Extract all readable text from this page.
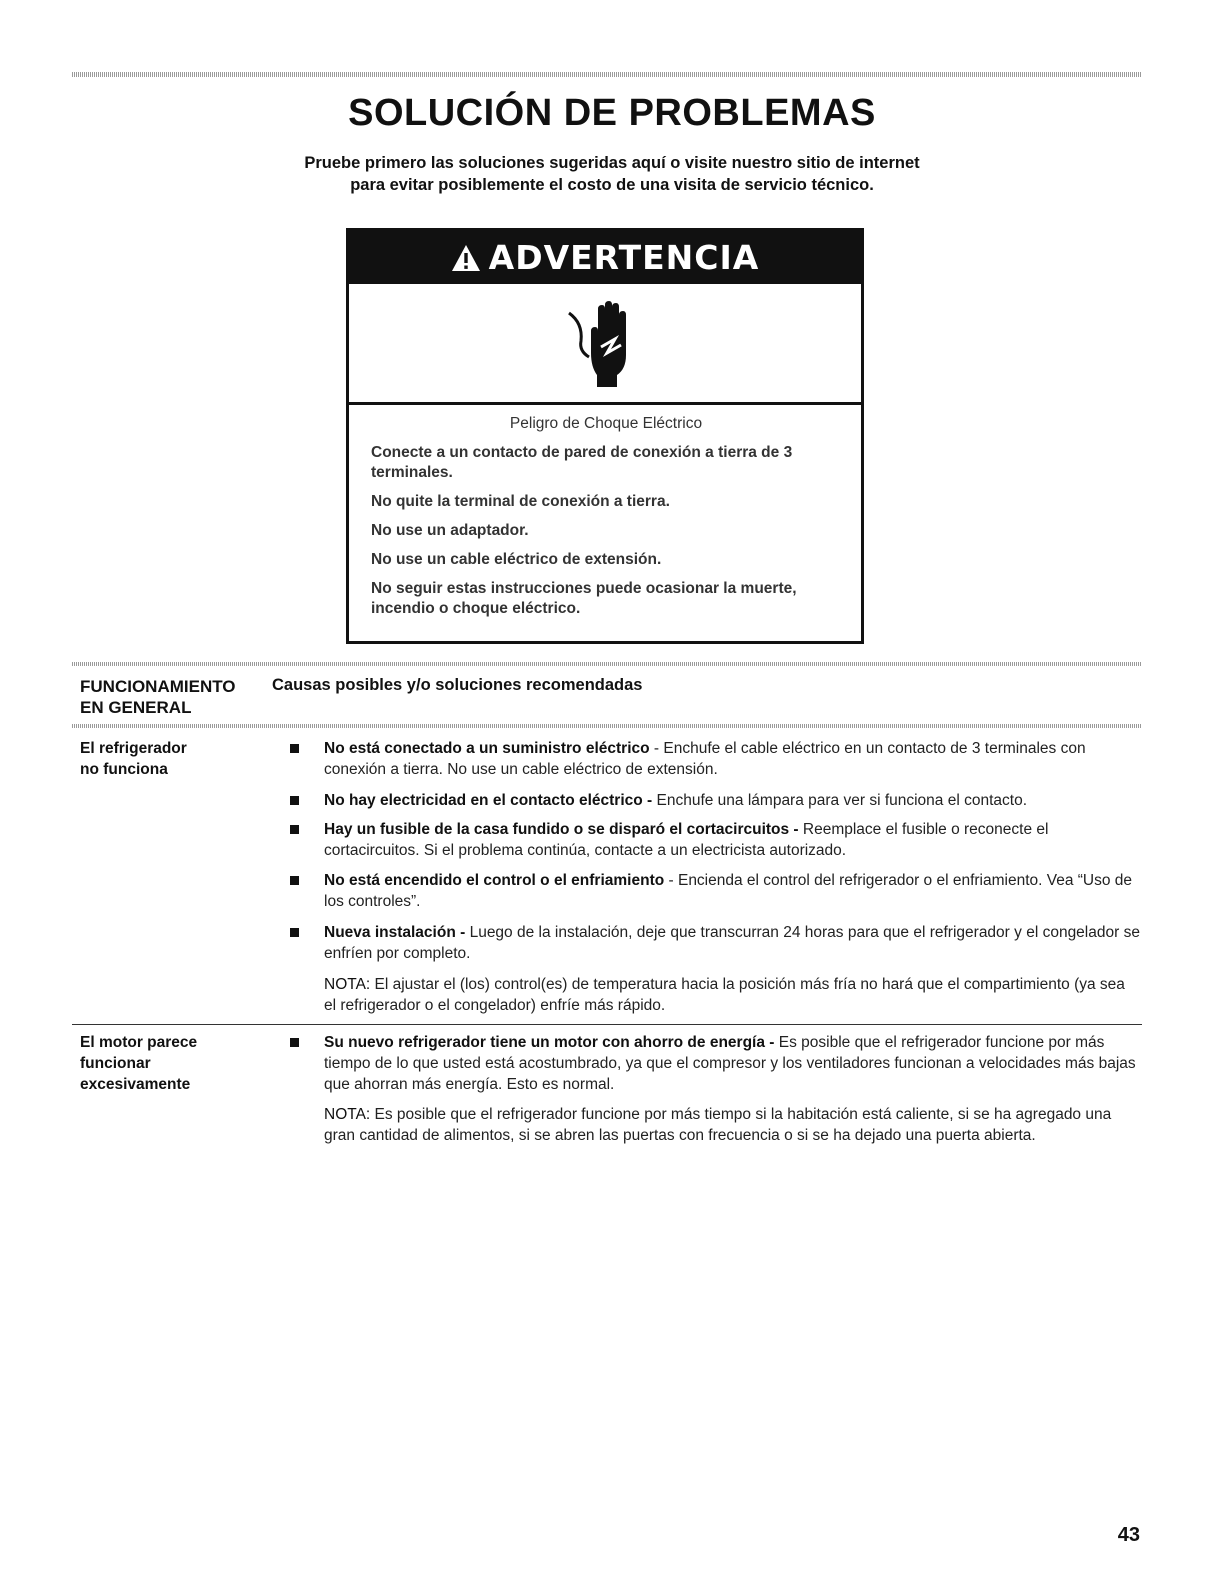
SOLUCIÓN DE PROBLEMAS
Pruebe primero las soluciones sugeridas aquí o visite nuestro sitio de internet
para evitar posiblemente el costo de una visita de servicio técnico.
ADVERTENCIA
Peligro de Choque Eléctrico

Conecte a un contacto de pared de conexión a tierra de 3 terminales.

No quite la terminal de conexión a tierra.

No use un adaptador.

No use un cable eléctrico de extensión.

No seguir estas instrucciones puede ocasionar la muerte, incendio o choque eléctrico.

FUNCIONAMIENTO
EN GENERAL
Causas posibles y/o soluciones recomendadas
El refrigerador
no funciona
No está conectado a un suministro eléctrico - Enchufe el cable eléctrico en un contacto de 3 terminales con conexión a tierra. No use un cable eléctrico de extensión.
No hay electricidad en el contacto eléctrico - Enchufe una lámpara para ver si funciona el contacto.
Hay un fusible de la casa fundido o se disparó el cortacircuitos - Reemplace el fusible o reconecte el cortacircuitos. Si el problema continúa, contacte a un electricista autorizado.
No está encendido el control o el enfriamiento - Encienda el control del refrigerador o el enfriamiento. Vea “Uso de los controles”.
Nueva instalación - Luego de la instalación, deje que transcurran 24 horas para que el refrigerador y el congelador se enfríen por completo.
NOTA: El ajustar el (los) control(es) de temperatura hacia la posición más fría no hará que el compartimiento (ya sea el refrigerador o el congelador) enfríe más rápido.
El motor parece
funcionar
excesivamente
Su nuevo refrigerador tiene un motor con ahorro de energía - Es posible que el refrigerador funcione por más tiempo de lo que usted está acostumbrado, ya que el compresor y los ventiladores funcionan a velocidades más bajas que ahorran más energía. Esto es normal.
NOTA: Es posible que el refrigerador funcione por más tiempo si la habitación está caliente, si se ha agregado una gran cantidad de alimentos, si se abren las puertas con frecuencia o si se ha dejado una puerta abierta.
43
